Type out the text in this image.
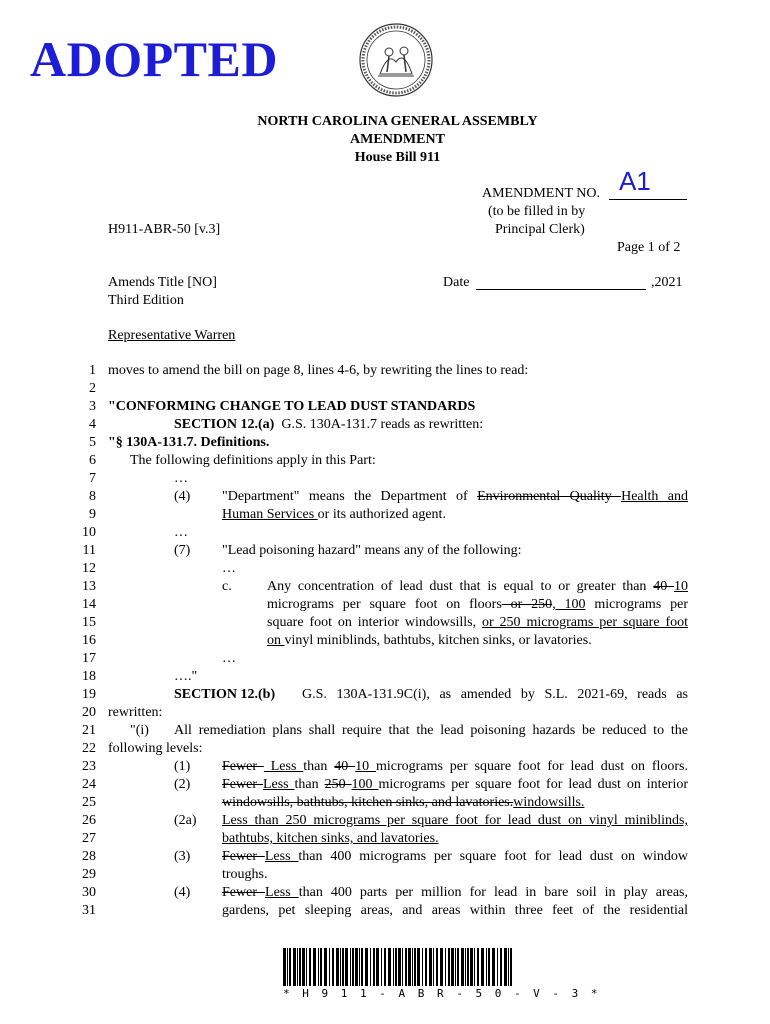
ADOPTED
NORTH CAROLINA GENERAL ASSEMBLY
AMENDMENT
House Bill 911
AMENDMENT NO. A1
(to be filled in by
Principal Clerk)
H911-ABR-50 [v.3]
Page 1 of 2
Amends Title [NO]
Third Edition
Date	,2021
Representative Warren
1
2
3
4
5
6
7
8
9
10
11
12
13
14
15
16
17
18
19
20
21
22
23
24
25
26
27
28
29
30
31
moves to amend the bill on page 8, lines 4-6, by rewriting the lines to read:
"CONFORMING CHANGE TO LEAD DUST STANDARDS
SECTION 12.(a)  G.S. 130A-131.7 reads as rewritten:
"§ 130A-131.7. Definitions.
The following definitions apply in this Part:
…
(4) "Department" means the Department of Environmental Quality Health and
Human Services or its authorized agent.
…
(7) "Lead poisoning hazard" means any of the following:
…
c.	Any concentration of lead dust that is equal to or greater than 40 10
micrograms per square foot on floors or 250, 100 micrograms per
square foot on interior windowsills, or 250 micrograms per square foot
on vinyl miniblinds, bathtubs, kitchen sinks, or lavatories.
…
…."
SECTION 12.(b) G.S. 130A-131.9C(i), as amended by S.L. 2021-69, reads as
rewritten:
"(i) All remediation plans shall require that the lead poisoning hazards be reduced to the
following levels:
(1) Fewer  Less than 40 10 micrograms per square foot for lead dust on floors.
(2) Fewer Less than 250 100 micrograms per square foot for lead dust on interior
windowsills, bathtubs, kitchen sinks, and lavatories.windowsills.
(2a) Less than 250 micrograms per square foot for lead dust on vinyl miniblinds,
bathtubs, kitchen sinks, and lavatories.
(3) Fewer Less than 400 micrograms per square foot for lead dust on window
troughs.
(4) Fewer Less than 400 parts per million for lead in bare soil in play areas,
gardens, pet sleeping areas, and areas within three feet of the residential
* H 9 1 1 - A B R - 5 0 - V - 3 *
